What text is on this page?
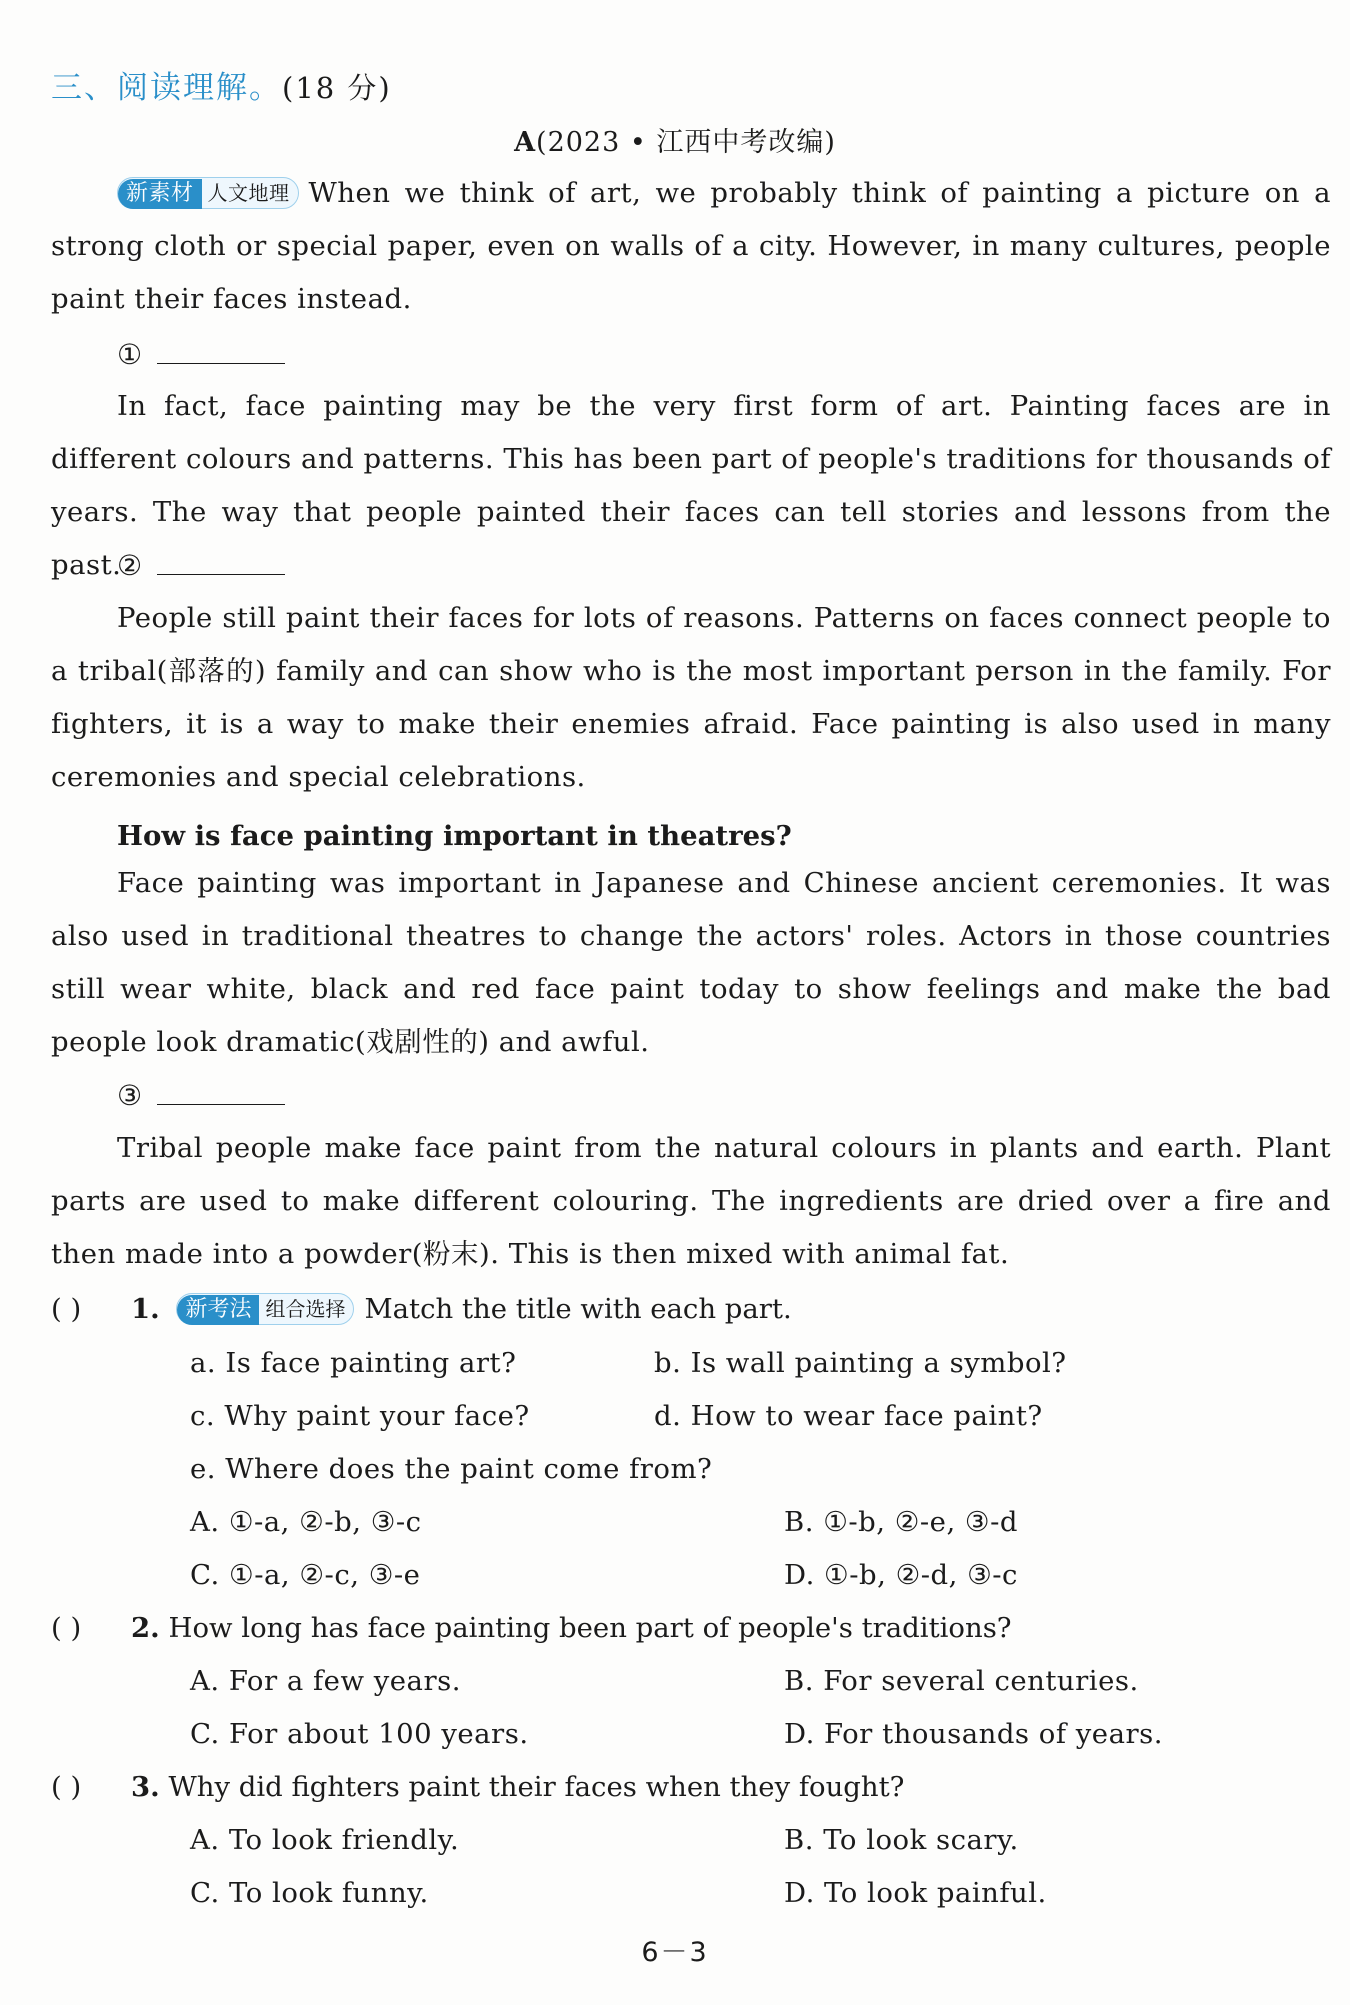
三、阅读理解。(18 分)
A(2023 • 江西中考改编)
新素材 人文地理 When we think of art, we probably think of painting a picture on a strong cloth or special paper, even on walls of a city. However, in many cultures, people paint their faces instead.
①
In fact, face painting may be the very first form of art. Painting faces are in different colours and patterns. This has been part of people's traditions for thousands of years. The way that people painted their faces can tell stories and lessons from the past.
②
People still paint their faces for lots of reasons. Patterns on faces connect people to a tribal(部落的) family and can show who is the most important person in the family. For fighters, it is a way to make their enemies afraid. Face painting is also used in many ceremonies and special celebrations.
How is face painting important in theatres?
Face painting was important in Japanese and Chinese ancient ceremonies. It was also used in traditional theatres to change the actors' roles. Actors in those countries still wear white, black and red face paint today to show feelings and make the bad people look dramatic(戏剧性的) and awful.
③
Tribal people make face paint from the natural colours in plants and earth. Plant parts are used to make different colouring. The ingredients are dried over a fire and then made into a powder(粉末). This is then mixed with animal fat.
( ) 1. 新考法 组合选择 Match the title with each part.
a. Is face painting art?	b. Is wall painting a symbol?
c. Why paint your face?	d. How to wear face paint?
e. Where does the paint come from?
A. ①-a, ②-b, ③-c	B. ①-b, ②-e, ③-d
C. ①-a, ②-c, ③-e	D. ①-b, ②-d, ③-c
( ) 2. How long has face painting been part of people's traditions?
A. For a few years.	B. For several centuries.
C. For about 100 years.	D. For thousands of years.
( ) 3. Why did fighters paint their faces when they fought?
A. To look friendly.	B. To look scary.
C. To look funny.	D. To look painful.
6－3
